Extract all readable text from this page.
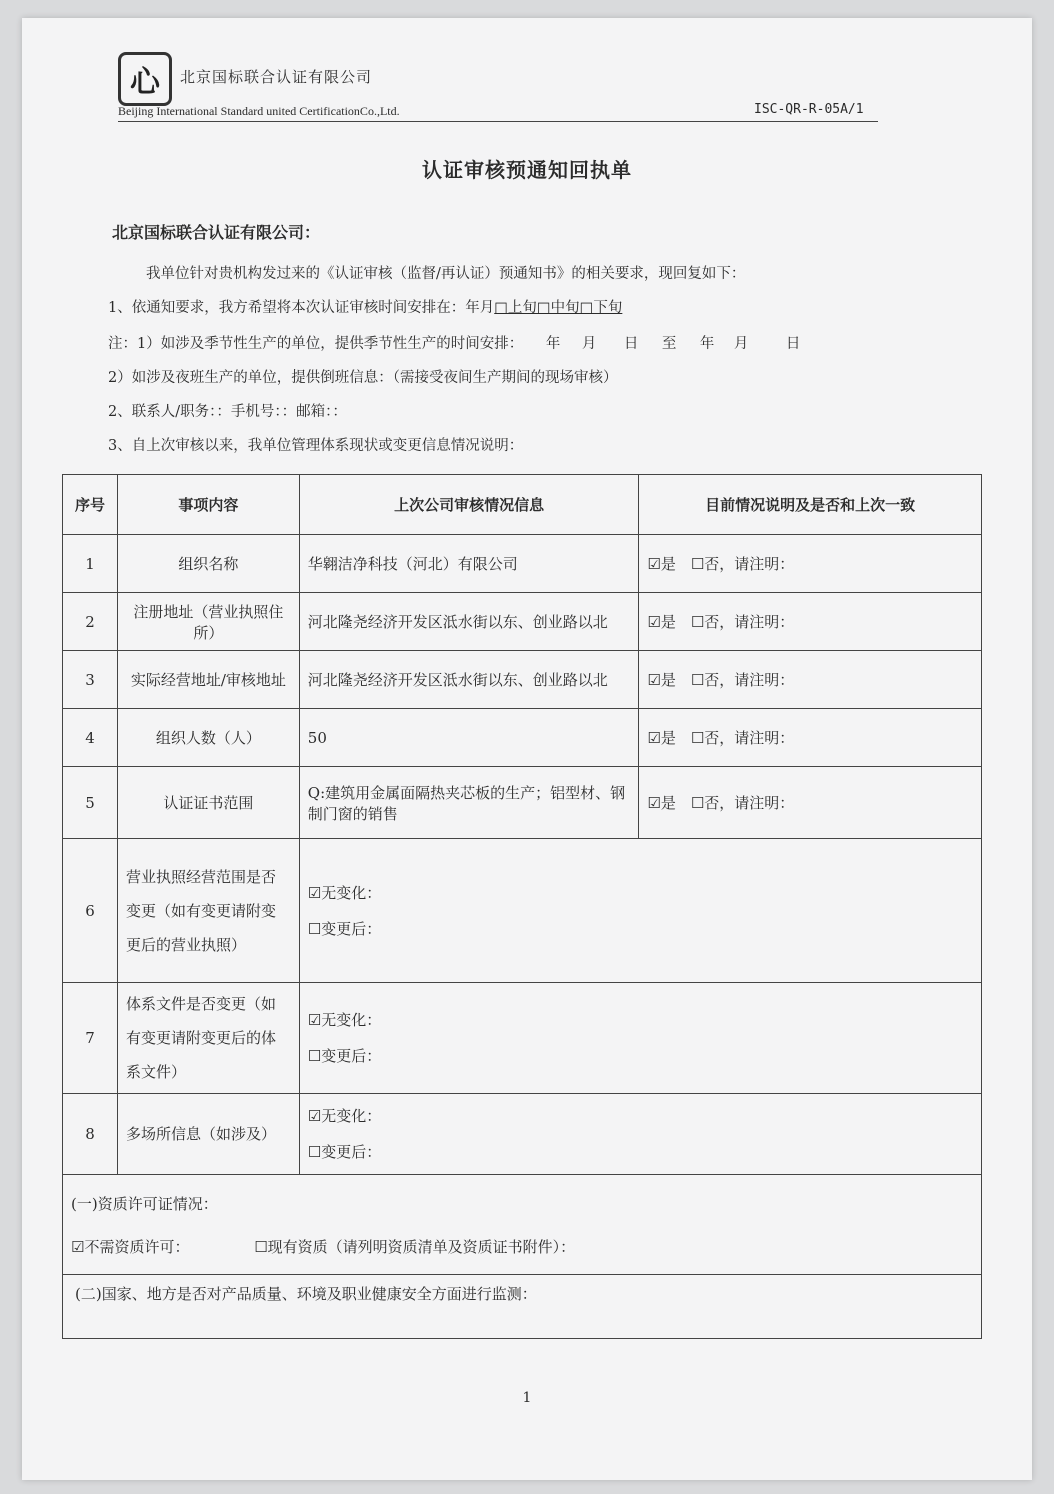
心 北京国标联合认证有限公司
Beijing International Standard united CertificationCo.,Ltd.	ISC-QR-R-05A/1
认证审核预通知回执单
北京国标联合认证有限公司：
我单位针对贵机构发过来的《认证审核（监督/再认证）预通知书》的相关要求，现回复如下：
1、依通知要求，我方希望将本次认证审核时间安排在：年月□上旬□中旬□下旬
注：1）如涉及季节性生产的单位，提供季节性生产的时间安排： 年 月 日 至 年 月	日
2）如涉及夜班生产的单位，提供倒班信息：（需接受夜间生产期间的现场审核）
2、联系人/职务：：手机号：：邮箱：：
3、自上次审核以来，我单位管理体系现状或变更信息情况说明：
序号	事项内容	上次公司审核情况信息	目前情况说明及是否和上次一致
1	组织名称	华翱洁净科技（河北）有限公司	☑是　☐否，请注明：
2	注册地址（营业执照住所）	河北隆尧经济开发区泜水街以东、创业路以北	☑是　☐否，请注明：
3	实际经营地址/审核地址	河北隆尧经济开发区泜水街以东、创业路以北	☑是　☐否，请注明：
4	组织人数（人）	50	☑是　☐否，请注明：
5	认证证书范围	Q:建筑用金属面隔热夹芯板的生产；铝型材、钢制门窗的销售	☑是　☐否，请注明：
6	营业执照经营范围是否变更（如有变更请附变更后的营业执照）	☑无变化：
☐变更后：	

7	体系文件是否变更（如有变更请附变更后的体系文件）	☑无变化：
☐变更后：	

8	多场所信息（如涉及）	☑无变化：
☐变更后：	

(一)资质许可证情况：
☑不需资质许可： ☐现有资质（请列明资质清单及资质证书附件）：			

(二)国家、地方是否对产品质量、环境及职业健康安全方面进行监测：			
1
